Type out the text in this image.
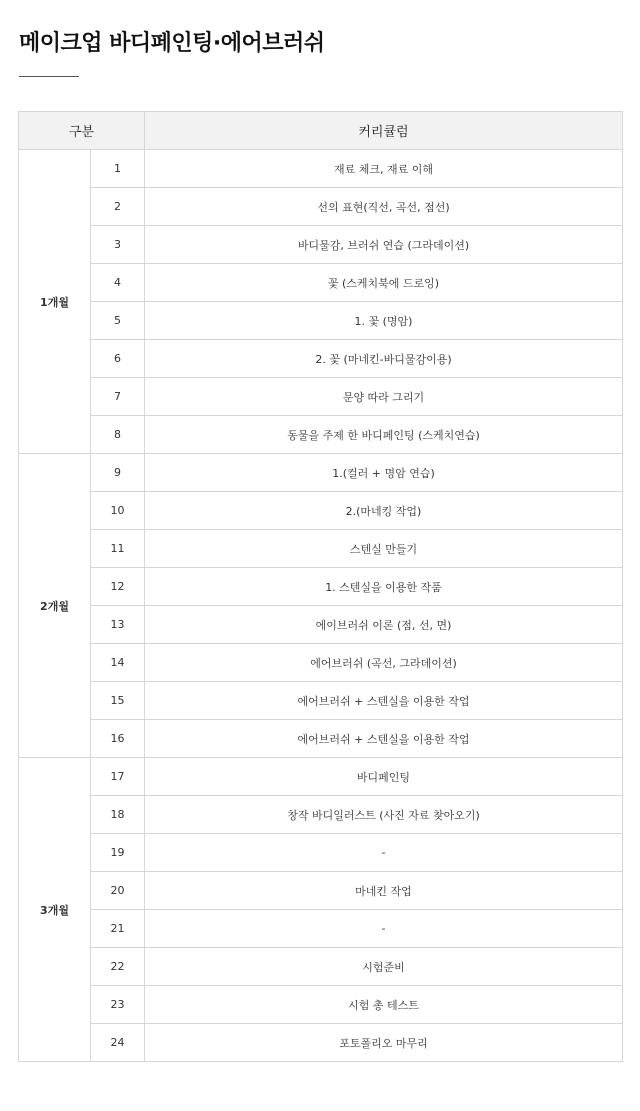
메이크업 바디페인팅·에어브러쉬
구분		커리큘럼
1개월	1	재료 체크, 재료 이해
	2	선의 표현(직선, 곡선, 점선)
	3	바디물감, 브러쉬 연습 (그라데이션)
	4	꽃 (스케치북에 드로잉)
	5	1. 꽃 (명암)
	6	2. 꽃 (마네킨-바디물감이용)
	7	문양 따라 그리기
	8	동물을 주제 한 바디페인팅 (스케치연습)
2개월	9	1.(컬러 + 명암 연습)
	10	2.(마네킹 작업)
	11	스텐실 만들기
	12	1. 스텐실을 이용한 작품
	13	에이브러쉬 이론 (점, 선, 면)
	14	에어브러쉬 (곡선, 그라데이션)
	15	에어브러쉬 + 스텐실을 이용한 작업
	16	에어브러쉬 + 스텐실을 이용한 작업
3개월	17	바디페인팅
	18	창작 바디일러스트 (사진 자료 찾아오기)
	19	-
	20	마네킨 작업
	21	-
	22	시험준비
	23	시험 총 테스트
	24	포토폴리오 마무리
